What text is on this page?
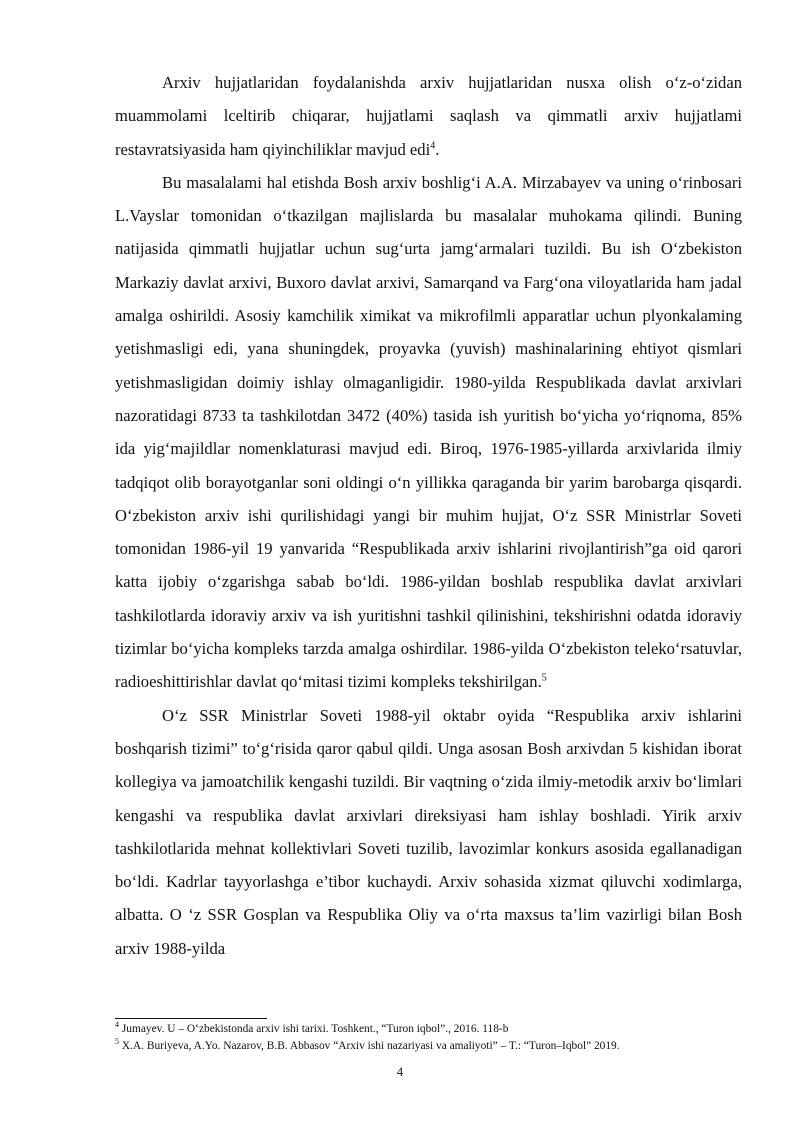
Arxiv hujjatlaridan foydalanishda arxiv hujjatlaridan nusxa olish o‘z-o‘zidan muammolami lceltirib chiqarar, hujjatlami saqlash va qimmatli arxiv hujjatlami restavratsiyasida ham qiyinchiliklar mavjud edi$^4$.

Bu masalalami hal etishda Bosh arxiv boshlig‘i A.A. Mirzabayev va uning o‘rinbosari L.Vayslar tomonidan o‘tkazilgan majlislarda bu masalalar muhokama qilindi. Buning natijasida qimmatli hujjatlar uchun sug‘urta jamg‘armalari tuzildi. Bu ish O‘zbekiston Markaziy davlat arxivi, Buxoro davlat arxivi, Samarqand va Farg‘ona viloyatlarida ham jadal amalga oshirildi. Asosiy kamchilik ximikat va mikrofilmli apparatlar uchun plyonkalaming yetishmasligi edi, yana shuningdek, proyavka (yuvish) mashinalarining ehtiyot qismlari yetishmasligidan doimiy ishlay olmaganligidir. 1980-yilda Respublikada davlat arxivlari nazoratidagi 8733 ta tashkilotdan 3472 (40%) tasida ish yuritish bo‘yicha yo‘riqnoma, 85% ida yig‘majildlar nomenklaturasi mavjud edi. Biroq, 1976-1985-yillarda arxivlarida ilmiy tadqiqot olib borayotganlar soni oldingi o‘n yillikka qaraganda bir yarim barobarga qisqardi. O‘zbekiston arxiv ishi qurilishidagi yangi bir muhim hujjat, O‘z SSR Ministrlar Soveti tomonidan 1986-yil 19 yanvarida “Respublikada arxiv ishlarini rivojlantirish”ga oid qarori katta ijobiy o‘zgarishga sabab bo‘ldi. 1986-yildan boshlab respublika davlat arxivlari tashkilotlarda idoraviy arxiv va ish yuritishni tashkil qilinishini, tekshirishni odatda idoraviy tizimlar bo‘yicha kompleks tarzda amalga oshirdilar. 1986-yilda O‘zbekiston teleko‘rsatuvlar, radioeshittirishlar davlat qo‘mitasi tizimi kompleks tekshirilgan.$^5$

O‘z SSR Ministrlar Soveti 1988-yil oktabr oyida “Respublika arxiv ishlarini boshqarish tizimi” to‘g‘risida qaror qabul qildi. Unga asosan Bosh arxivdan 5 kishidan iborat kollegiya va jamoatchilik kengashi tuzildi. Bir vaqtning o‘zida ilmiy-metodik arxiv bo‘limlari kengashi va respublika davlat arxivlari direksiyasi ham ishlay boshladi. Yirik arxiv tashkilotlarida mehnat kollektivlari Soveti tuzilib, lavozimlar konkurs asosida egallanadigan bo‘ldi. Kadrlar tayyorlashga e’tibor kuchaydi. Arxiv sohasida xizmat qiluvchi xodimlarga, albatta. O ‘z SSR Gosplan va Respublika Oliy va o‘rta maxsus ta’lim vazirligi bilan Bosh arxiv 1988-yilda

$^4$ Jumayev. U – O‘zbekistonda arxiv ishi tarixi. Toshkent., “Turon iqbol”., 2016. 118-b

$^5$ X.A. Buriyeva, A.Yo. Nazarov, B.B. Abbasov “Arxiv ishi nazariyasi va amaliyoti” – T.: “Turon–Iqbol” 2019.

4
